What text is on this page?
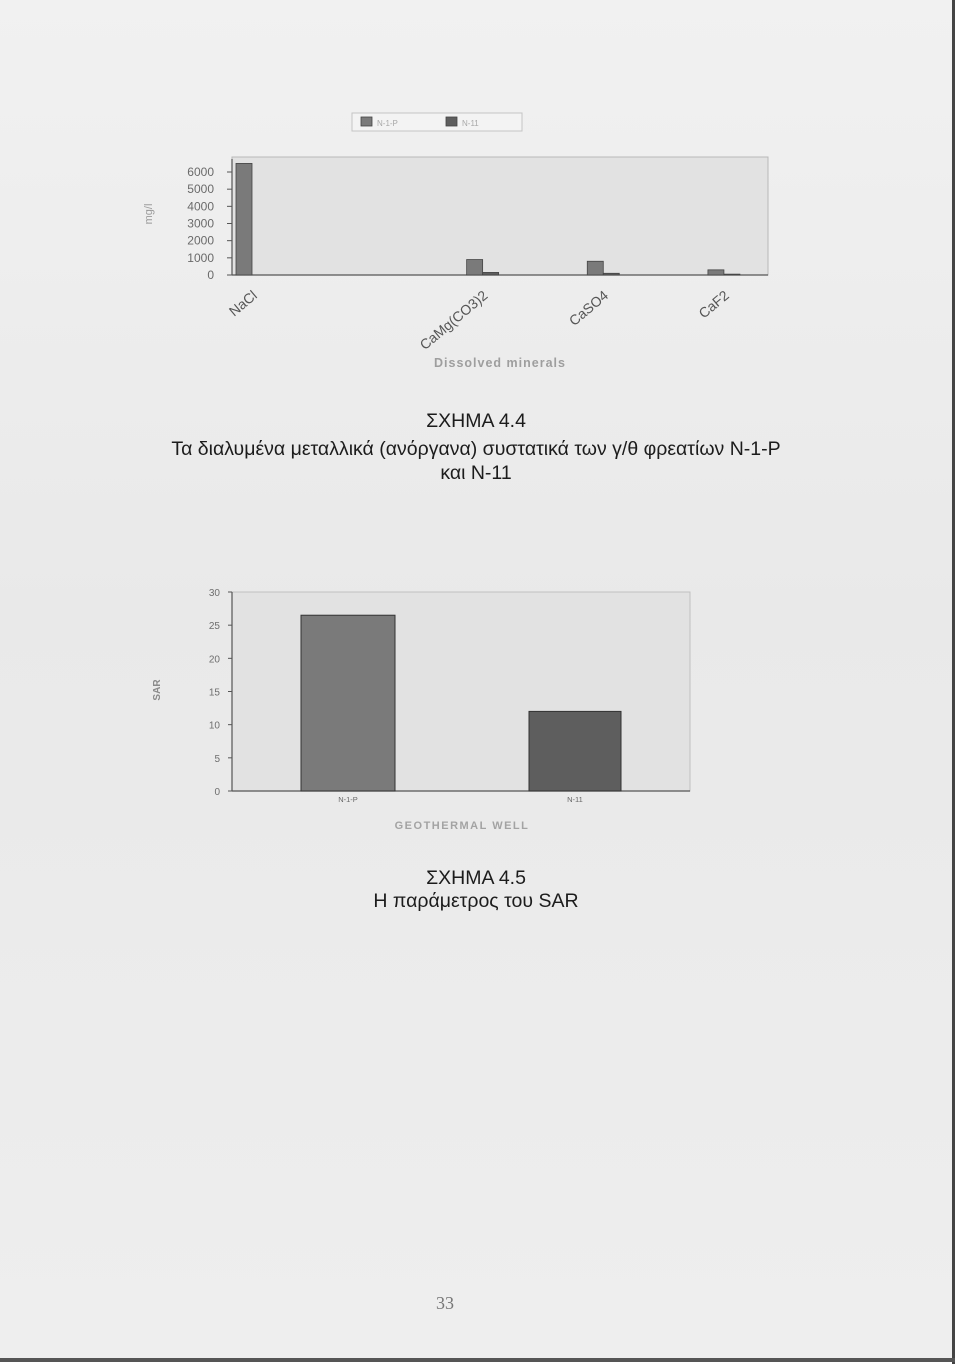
6000
5000
4000
3000
2000
1000
0
mg/l
NaCl	CaMg(CO3)2	CaSO4	CaF2
Dissolved minerals
N-1-P	N-11
30
25
20
15
10
5
0
SAR
N-1-P	N-11
GEOTHERMAL WELL
ΣΧΗΜΑ 4.4
Τα διαλυμένα μεταλλικά (ανόργανα) συστατικά των γ/θ φρεατίων Ν-1-Ρ
και Ν-11
ΣΧΗΜΑ 4.5
Η παράμετρος του SAR
33
